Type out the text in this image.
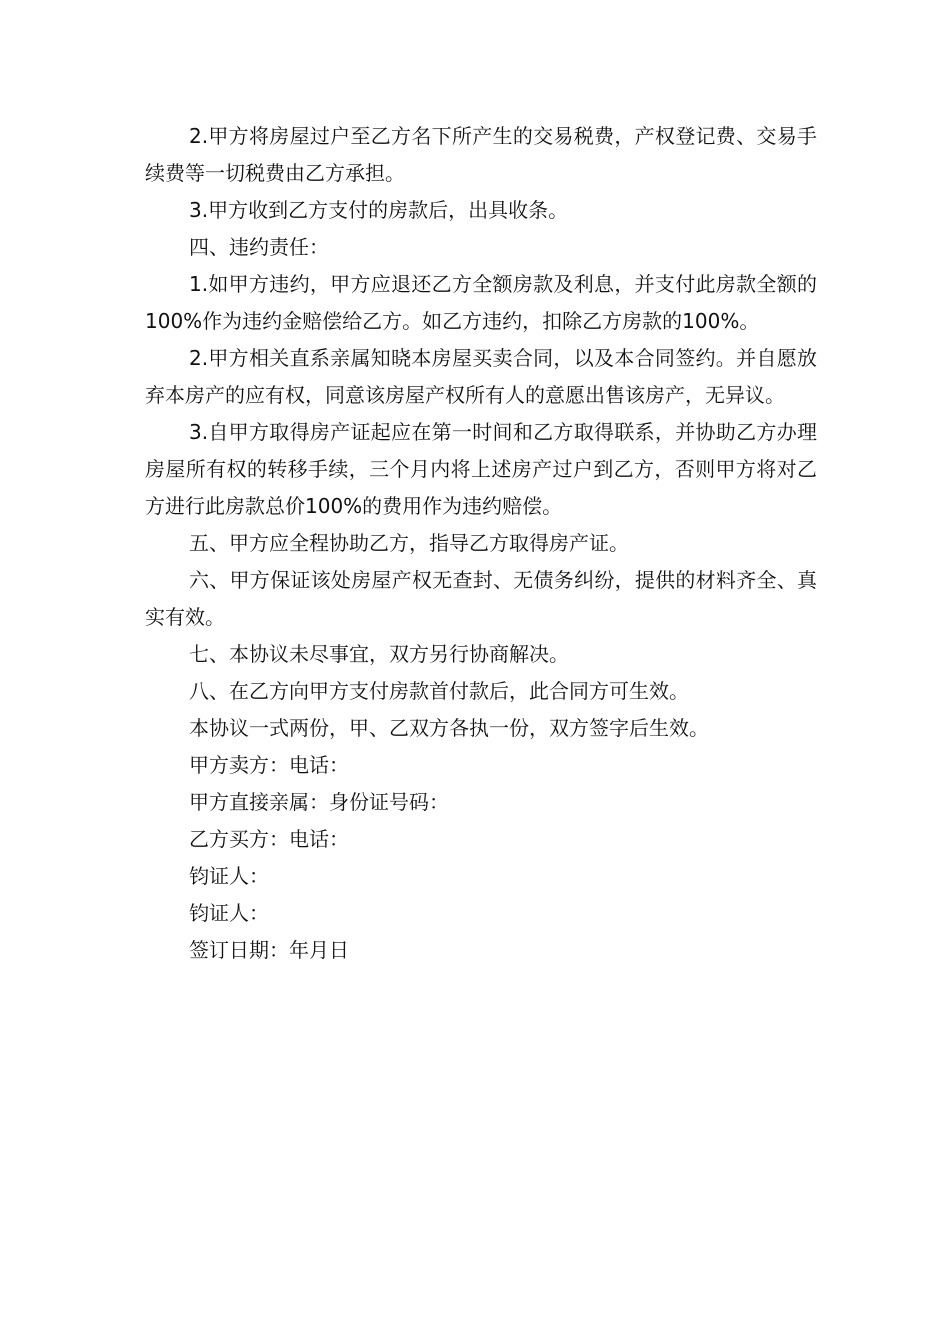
2.甲方将房屋过户至乙方名下所产生的交易税费，产权登记费、交易手续费等一切税费由乙方承担。

3.甲方收到乙方支付的房款后，出具收条。

四、违约责任：

1.如甲方违约，甲方应退还乙方全额房款及利息，并支付此房款全额的100%作为违约金赔偿给乙方。如乙方违约，扣除乙方房款的100%。

2.甲方相关直系亲属知晓本房屋买卖合同，以及本合同签约。并自愿放弃本房产的应有权，同意该房屋产权所有人的意愿出售该房产，无异议。

3.自甲方取得房产证起应在第一时间和乙方取得联系，并协助乙方办理房屋所有权的转移手续，三个月内将上述房产过户到乙方，否则甲方将对乙方进行此房款总价100%的费用作为违约赔偿。

五、甲方应全程协助乙方，指导乙方取得房产证。

六、甲方保证该处房屋产权无查封、无债务纠纷，提供的材料齐全、真实有效。

七、本协议未尽事宜，双方另行协商解决。

八、在乙方向甲方支付房款首付款后，此合同方可生效。

本协议一式两份，甲、乙双方各执一份，双方签字后生效。

甲方卖方：电话：

甲方直接亲属：身份证号码：

乙方买方：电话：

钧证人：

钧证人：

签订日期：年月日
